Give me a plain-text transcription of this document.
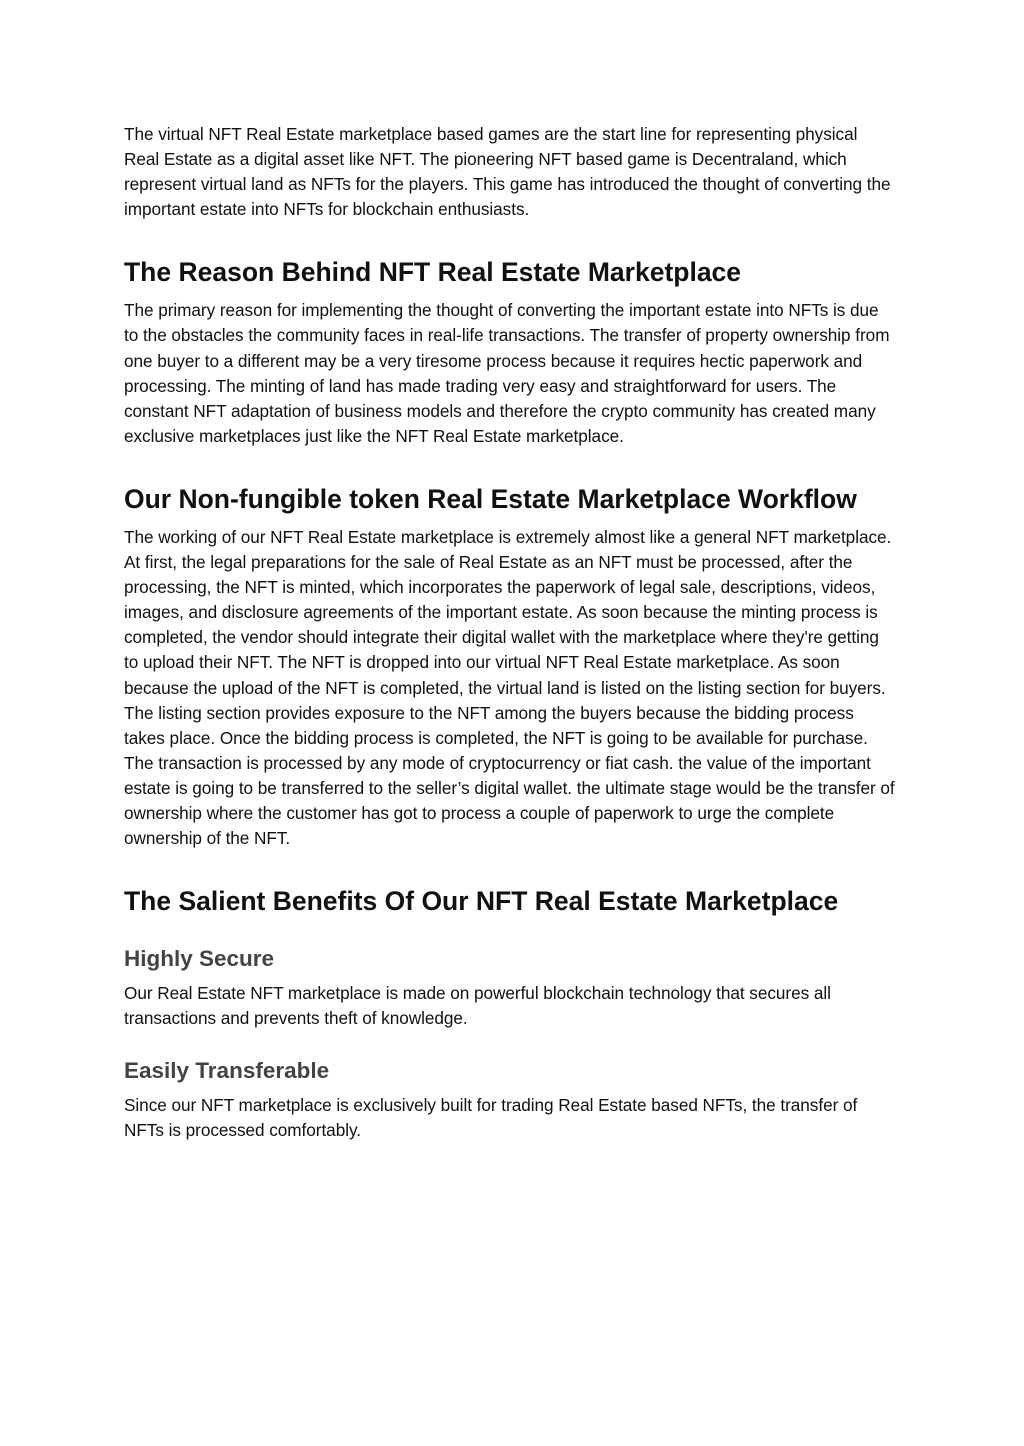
The virtual NFT Real Estate marketplace based games are the start line for representing physical Real Estate as a digital asset like NFT. The pioneering NFT based game is Decentraland, which represent virtual land as NFTs for the players. This game has introduced the thought of converting the important estate into NFTs for blockchain enthusiasts.

The Reason Behind NFT Real Estate Marketplace

The primary reason for implementing the thought of converting the important estate into NFTs is due to the obstacles the community faces in real-life transactions. The transfer of property ownership from one buyer to a different may be a very tiresome process because it requires hectic paperwork and processing. The minting of land has made trading very easy and straightforward for users. The constant NFT adaptation of business models and therefore the crypto community has created many exclusive marketplaces just like the NFT Real Estate marketplace.

Our Non-fungible token Real Estate Marketplace Workflow

The working of our NFT Real Estate marketplace is extremely almost like a general NFT marketplace. At first, the legal preparations for the sale of Real Estate as an NFT must be processed, after the processing, the NFT is minted, which incorporates the paperwork of legal sale, descriptions, videos, images, and disclosure agreements of the important estate. As soon because the minting process is completed, the vendor should integrate their digital wallet with the marketplace where they're getting to upload their NFT. The NFT is dropped into our virtual NFT Real Estate marketplace. As soon because the upload of the NFT is completed, the virtual land is listed on the listing section for buyers. The listing section provides exposure to the NFT among the buyers because the bidding process takes place. Once the bidding process is completed, the NFT is going to be available for purchase. The transaction is processed by any mode of cryptocurrency or fiat cash. the value of the important estate is going to be transferred to the seller’s digital wallet. the ultimate stage would be the transfer of ownership where the customer has got to process a couple of paperwork to urge the complete ownership of the NFT.

The Salient Benefits Of Our NFT Real Estate Marketplace
Highly Secure

Our Real Estate NFT marketplace is made on powerful blockchain technology that secures all transactions and prevents theft of knowledge.

Easily Transferable

Since our NFT marketplace is exclusively built for trading Real Estate based NFTs, the transfer of NFTs is processed comfortably.
